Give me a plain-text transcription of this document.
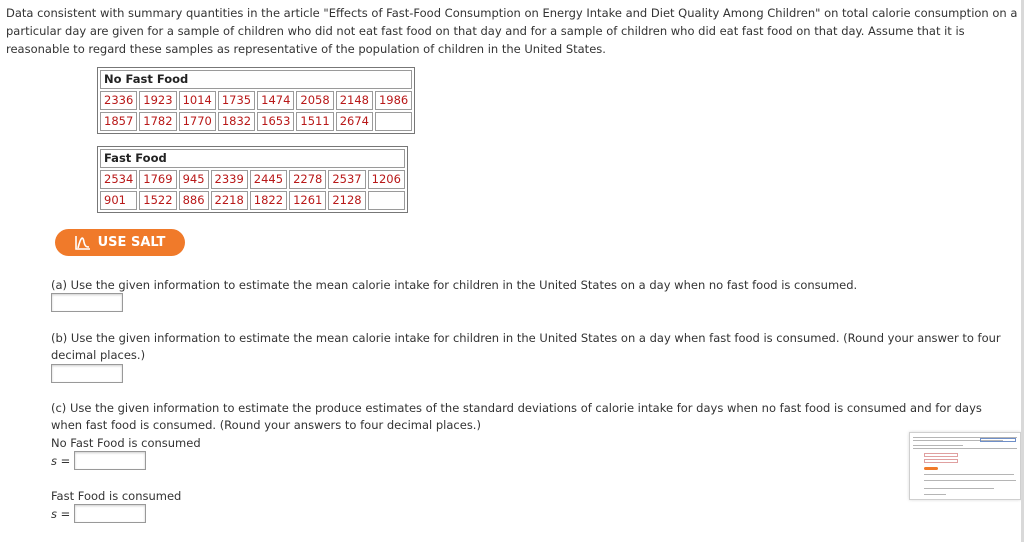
Data consistent with summary quantities in the article "Effects of Fast-Food Consumption on Energy Intake and Diet Quality Among Children" on total calorie consumption on a particular day are given for a sample of children who did not eat fast food on that day and for a sample of children who did eat fast food on that day. Assume that it is reasonable to regard these samples as representative of the population of children in the United States.

No Fast Food							
2336	1923	1014	1735	1474	2058	2148	1986
1857	1782	1770	1832	1653	1511	2674	
Fast Food							
2534	1769	945	2339	2445	2278	2537	1206
901	1522	886	2218	1822	1261	2128	
USE SALT

(a) Use the given information to estimate the mean calorie intake for children in the United States on a day when no fast food is consumed.

(b) Use the given information to estimate the mean calorie intake for children in the United States on a day when fast food is consumed. (Round your answer to four decimal places.)

(c) Use the given information to estimate the produce estimates of the standard deviations of calorie intake for days when no fast food is consumed and for days when fast food is consumed. (Round your answers to four decimal places.)

No Fast Food is consumed

s =

Fast Food is consumed

s =
